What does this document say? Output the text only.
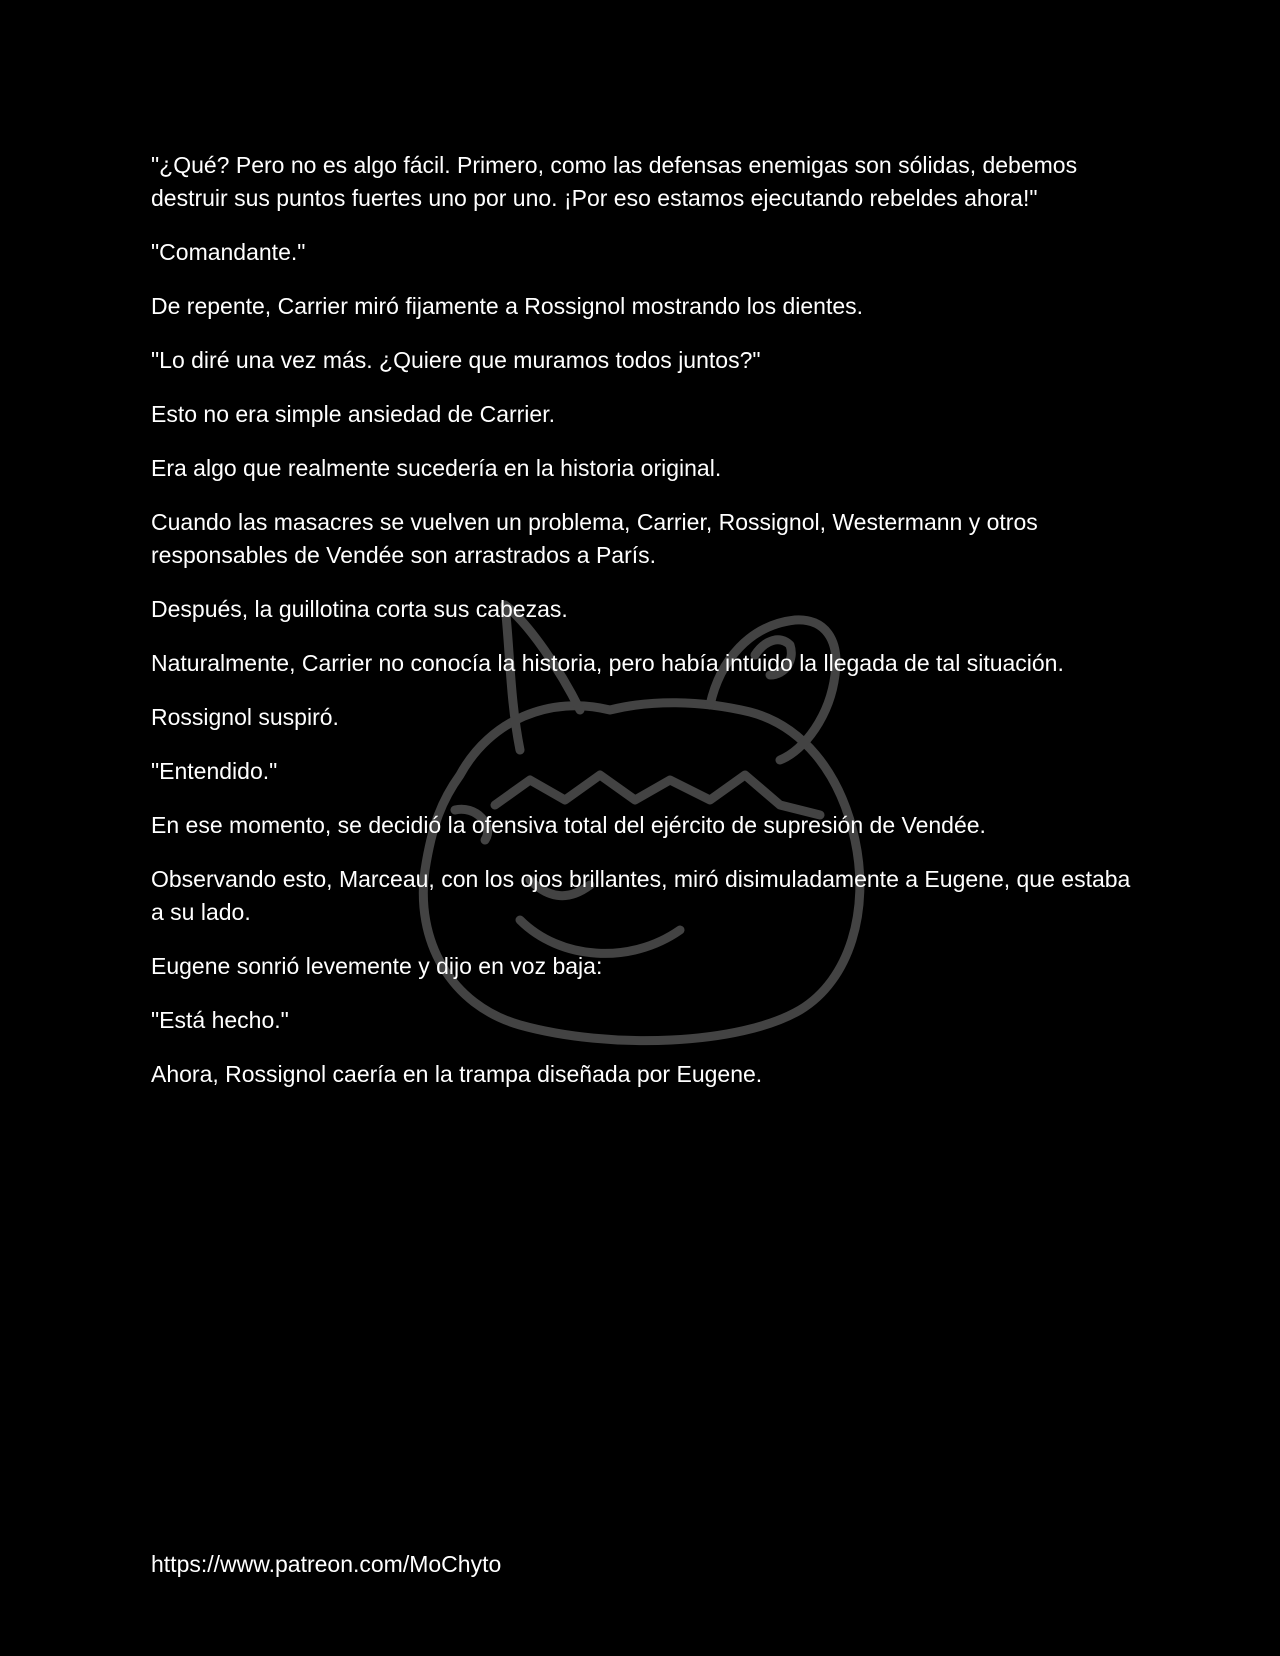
"¿Qué? Pero no es algo fácil. Primero, como las defensas enemigas son sólidas, debemos destruir sus puntos fuertes uno por uno. ¡Por eso estamos ejecutando rebeldes ahora!"

"Comandante."

De repente, Carrier miró fijamente a Rossignol mostrando los dientes.

"Lo diré una vez más. ¿Quiere que muramos todos juntos?"

Esto no era simple ansiedad de Carrier.

Era algo que realmente sucedería en la historia original.

Cuando las masacres se vuelven un problema, Carrier, Rossignol, Westermann y otros responsables de Vendée son arrastrados a París.

Después, la guillotina corta sus cabezas.

Naturalmente, Carrier no conocía la historia, pero había intuido la llegada de tal situación.

Rossignol suspiró.

"Entendido."

En ese momento, se decidió la ofensiva total del ejército de supresión de Vendée.

Observando esto, Marceau, con los ojos brillantes, miró disimuladamente a Eugene, que estaba a su lado.

Eugene sonrió levemente y dijo en voz baja:

"Está hecho."

Ahora, Rossignol caería en la trampa diseñada por Eugene.

https://www.patreon.com/MoChyto
